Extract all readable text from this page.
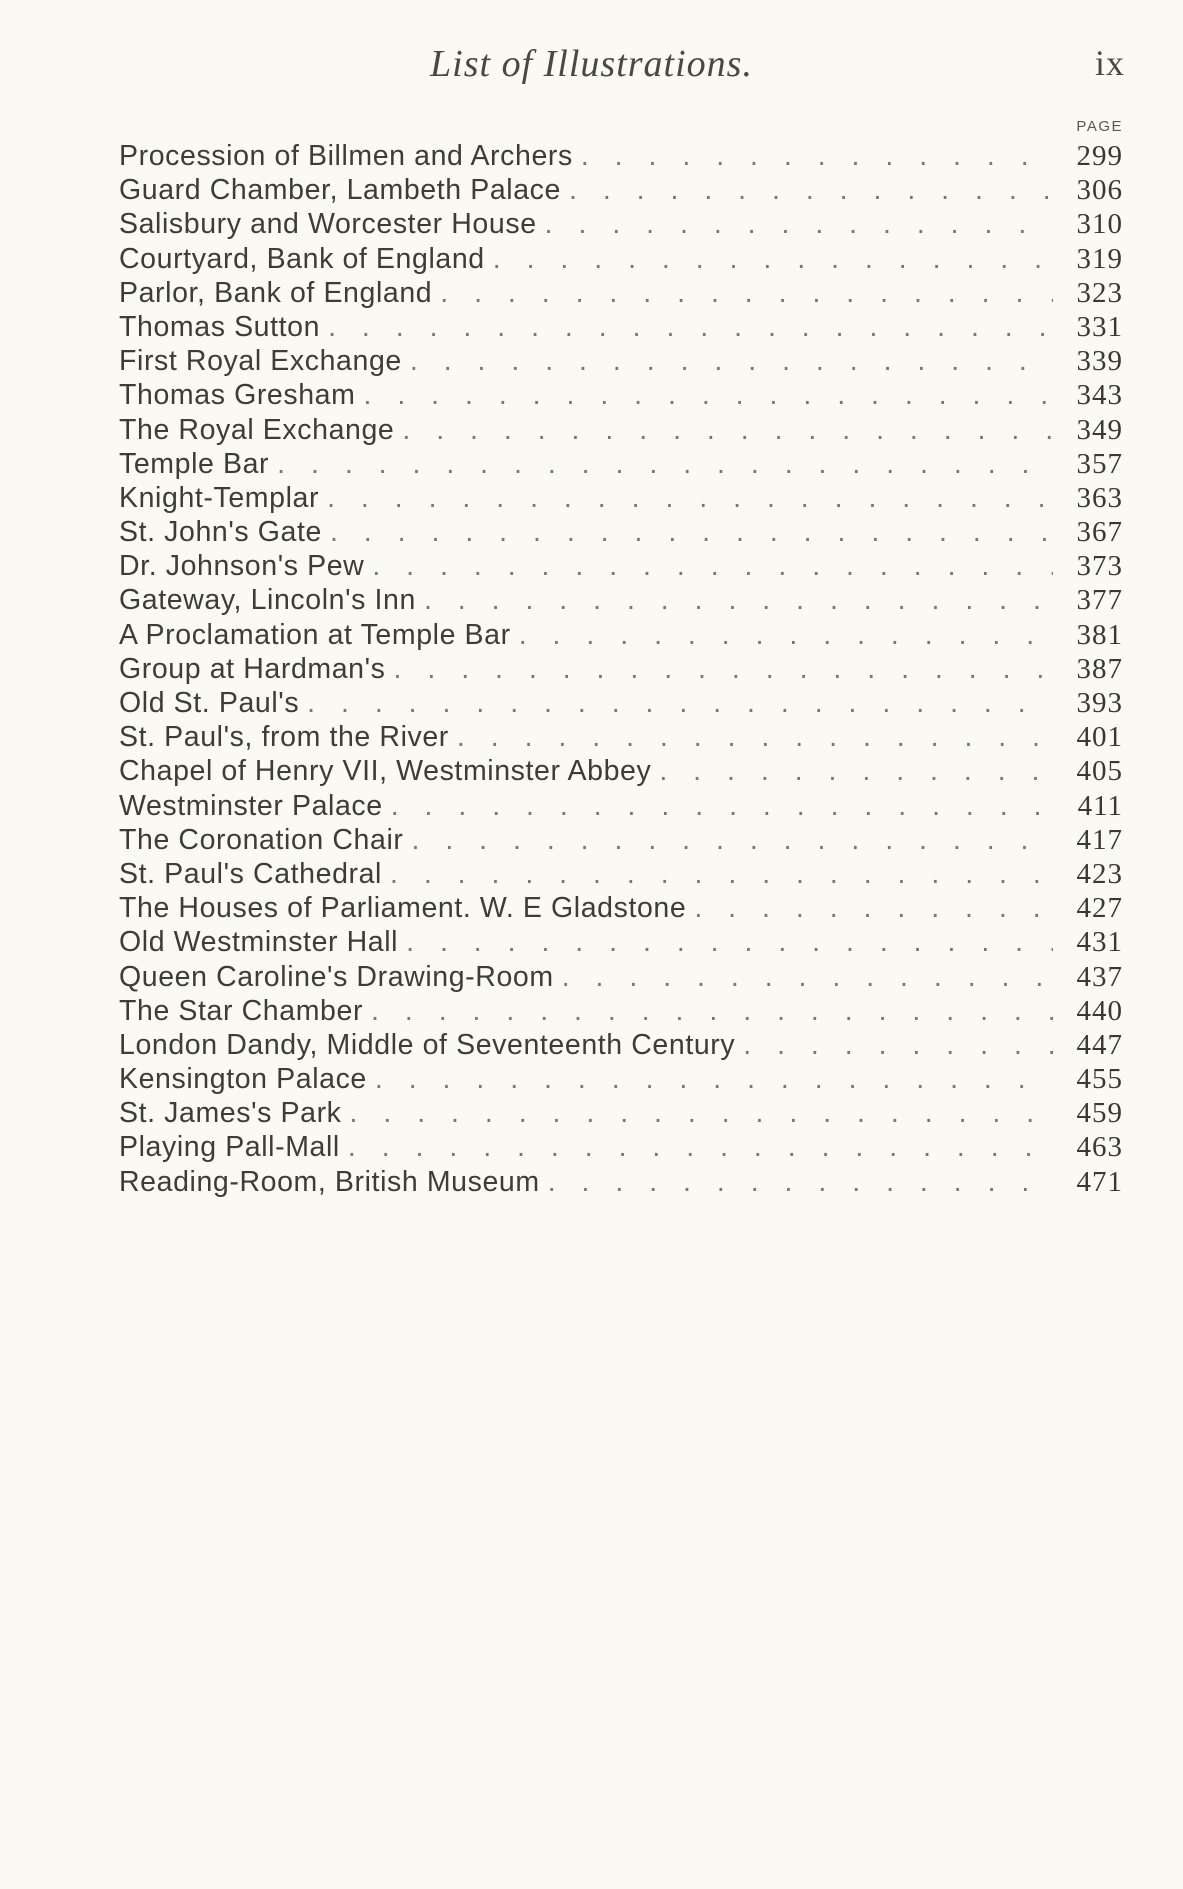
List of Illustrations.	ix
PAGE
Procession of Billmen and Archers . . .	299
Guard Chamber, Lambeth Palace . . .	306
Salisbury and Worcester House . . .	310
Courtyard, Bank of England . . .	319
Parlor, Bank of England . . .	323
Thomas Sutton . . .	331
First Royal Exchange . . .	339
Thomas Gresham . . .	343
The Royal Exchange . . .	349
Temple Bar . . .	357
Knight-Templar . . .	363
St. John's Gate . . .	367
Dr. Johnson's Pew . . .	373
Gateway, Lincoln's Inn . . .	377
A Proclamation at Temple Bar . . .	381
Group at Hardman's . . .	387
Old St. Paul's . . .	393
St. Paul's, from the River . . .	401
Chapel of Henry VII, Westminster Abbey . . .	405
Westminster Palace . . .	411
The Coronation Chair . . .	417
St. Paul's Cathedral . . .	423
The Houses of Parliament. W. E Gladstone . . .	427
Old Westminster Hall . . .	431
Queen Caroline's Drawing-Room . . .	437
The Star Chamber . . .	440
London Dandy, Middle of Seventeenth Century . . .	447
Kensington Palace . . .	455
St. James's Park . . .	459
Playing Pall-Mall . . .	463
Reading-Room, British Museum . . .	471
